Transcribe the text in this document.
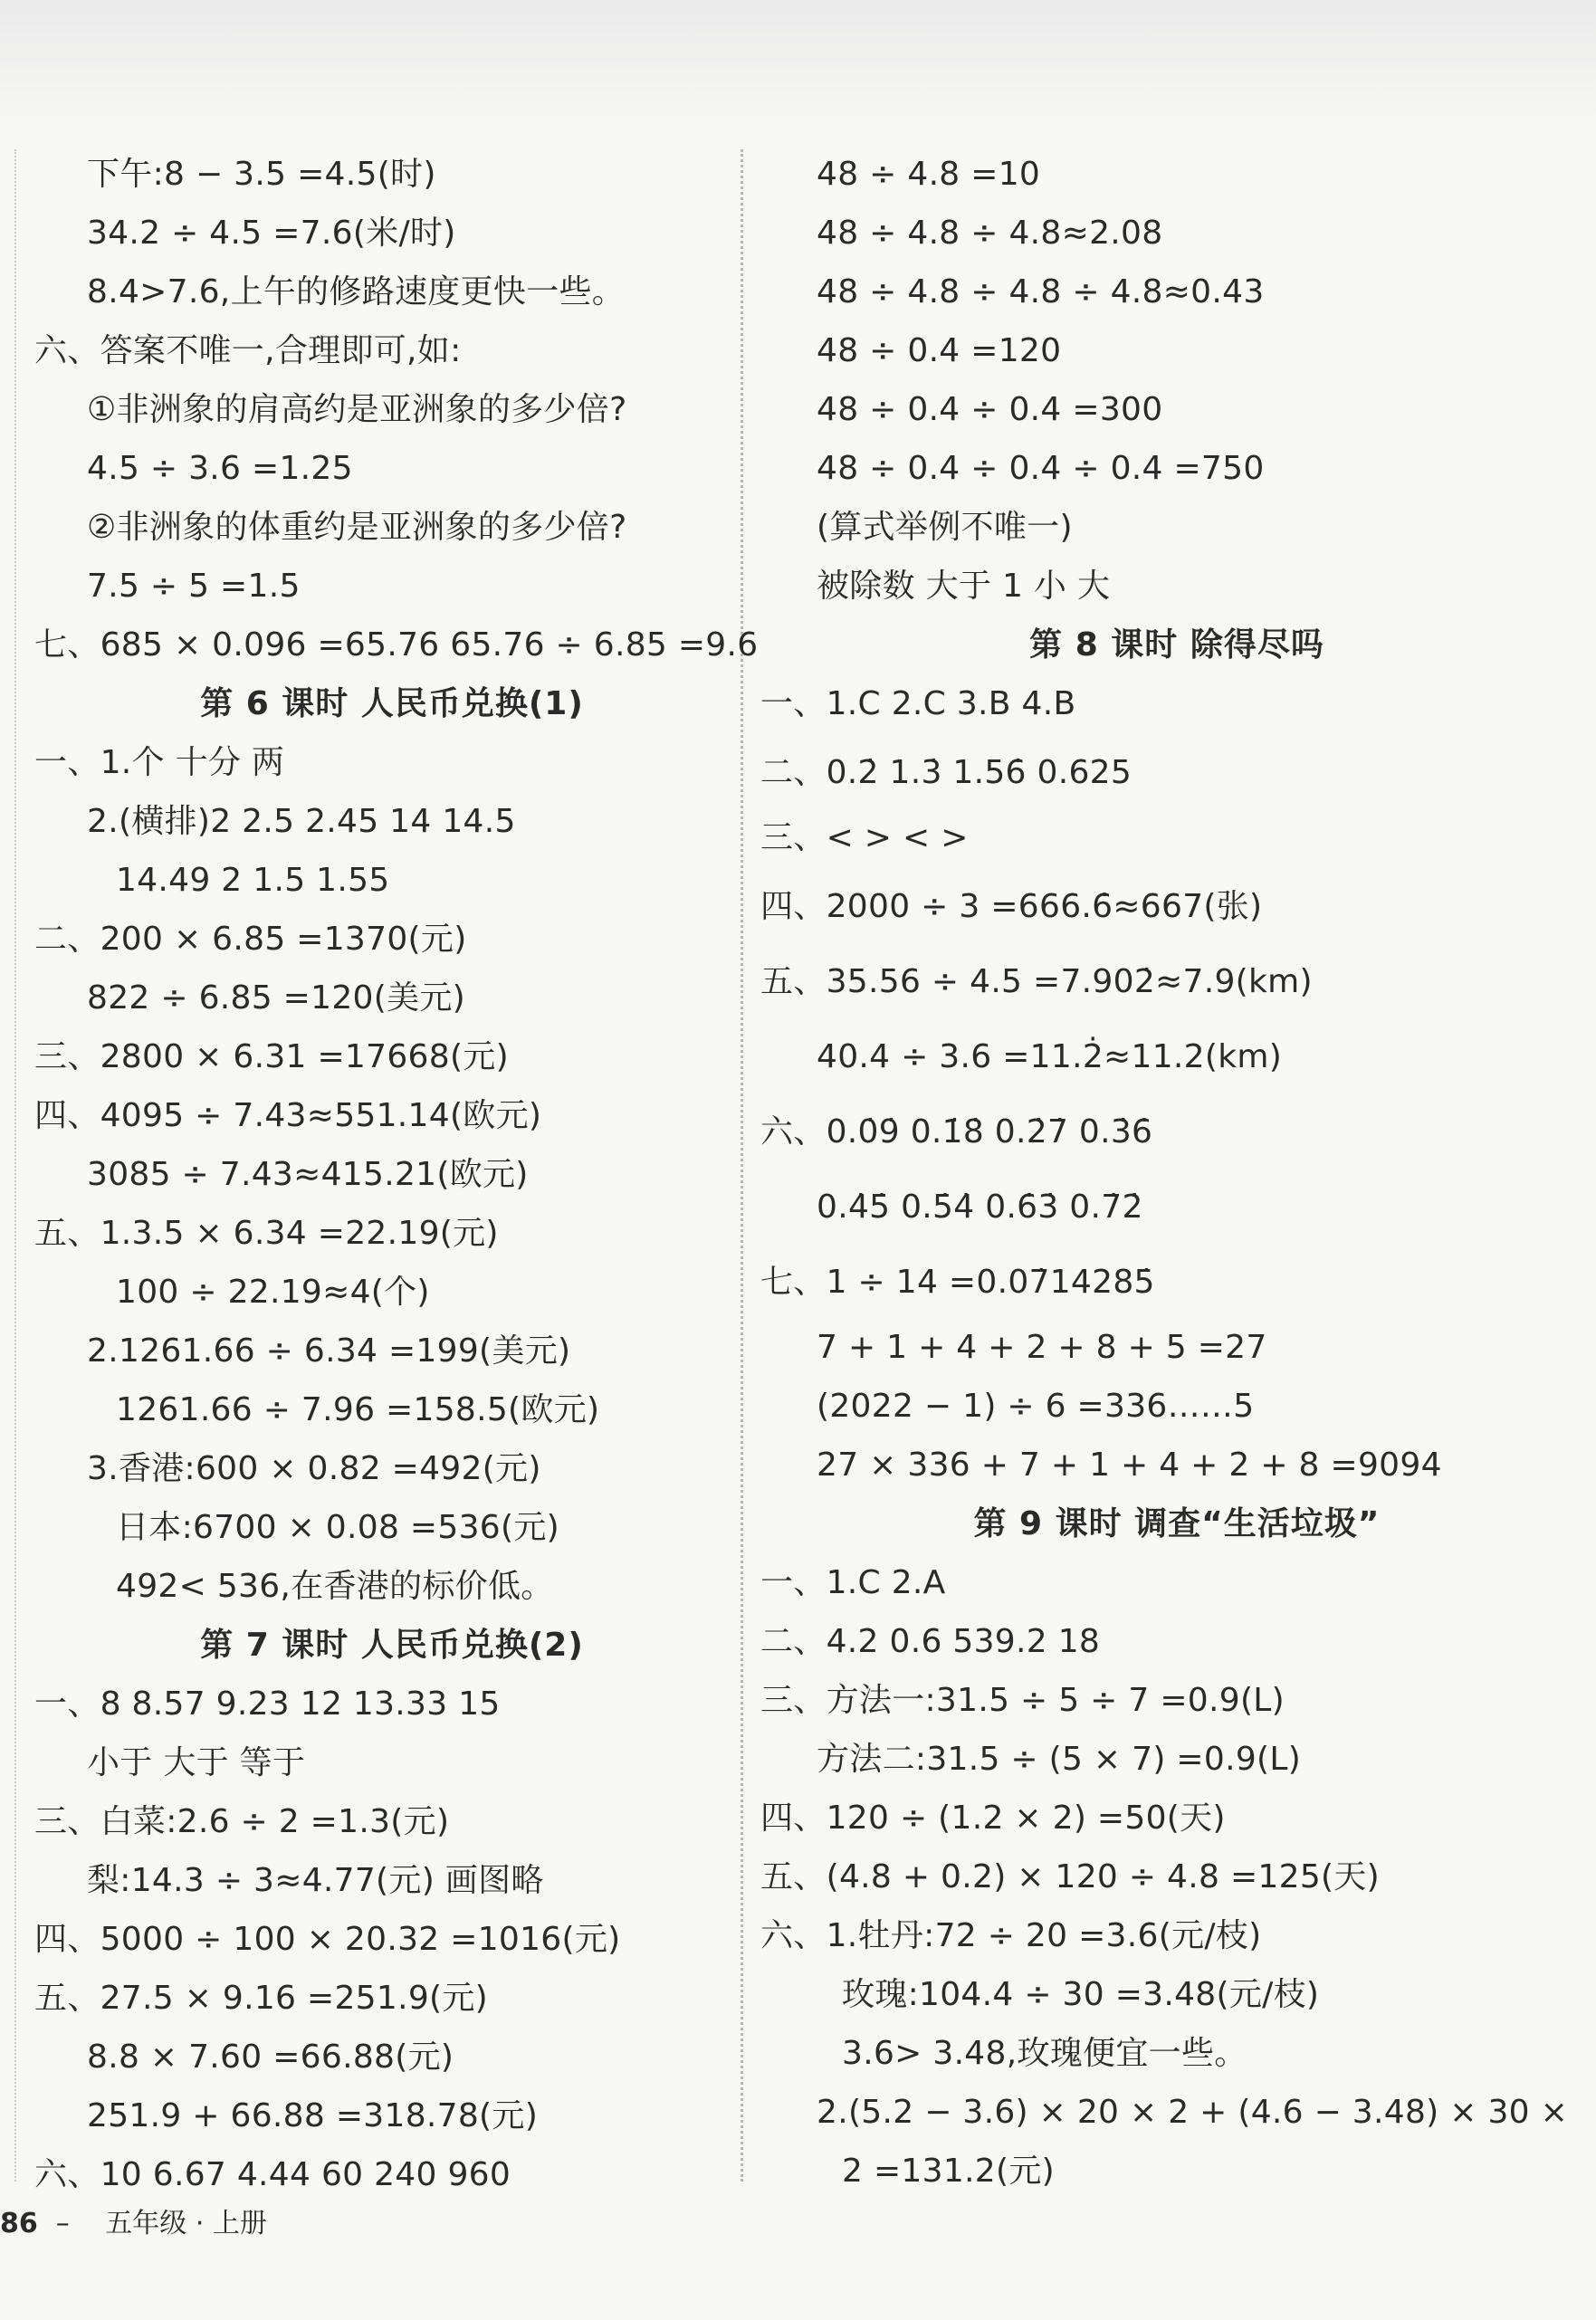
下午:8 − 3.5 =4.5(时)
34.2 ÷ 4.5 =7.6(米/时)
8.4>7.6,上午的修路速度更快一些。
六、答案不唯一,合理即可,如:
①非洲象的肩高约是亚洲象的多少倍?
4.5 ÷ 3.6 =1.25
②非洲象的体重约是亚洲象的多少倍?
7.5 ÷ 5 =1.5
七、685 × 0.096 =65.76 65.76 ÷ 6.85 =9.6
第 6 课时 人民币兑换(1)
一、1.个 十分 两
2.(横排)2 2.5 2.45 14 14.5
14.49 2 1.5 1.55
二、200 × 6.85 =1370(元)
822 ÷ 6.85 =120(美元)
三、2800 × 6.31 =17668(元)
四、4095 ÷ 7.43≈551.14(欧元)
3085 ÷ 7.43≈415.21(欧元)
五、1.3.5 × 6.34 =22.19(元)
100 ÷ 22.19≈4(个)
2.1261.66 ÷ 6.34 =199(美元)
1261.66 ÷ 7.96 =158.5(欧元)
3.香港:600 × 0.82 =492(元)
日本:6700 × 0.08 =536(元)
492< 536,在香港的标价低。
第 7 课时 人民币兑换(2)
一、8 8.57 9.23 12 13.33 15
小于 大于 等于
三、白菜:2.6 ÷ 2 =1.3(元)
梨:14.3 ÷ 3≈4.77(元) 画图略
四、5000 ÷ 100 × 20.32 =1016(元)
五、27.5 × 9.16 =251.9(元)
8.8 × 7.60 =66.88(元)
251.9 + 66.88 =318.78(元)
六、10 6.67 4.44 60 240 960
48 ÷ 4.8 =10
48 ÷ 4.8 ÷ 4.8≈2.08
48 ÷ 4.8 ÷ 4.8 ÷ 4.8≈0.43
48 ÷ 0.4 =120
48 ÷ 0.4 ÷ 0.4 =300
48 ÷ 0.4 ÷ 0.4 ÷ 0.4 =750
(算式举例不唯一)
被除数 大于 1 小 大
第 8 课时 除得尽吗
一、1.C 2.C 3.B 4.B
二、0.2̇ 1.3̇ 1.56̇ 0.625
三、< > < >
四、2000 ÷ 3 =666.6̇≈667(张)
五、35.56 ÷ 4.5 =7.902̇≈7.9(km)
40.4 ÷ 3.6 =11.2̇≈11.2(km)
六、0.0̇9̇ 0.1̇8̇ 0.2̇7̇ 0.3̇6̇
0.4̇5̇ 0.5̇4̇ 0.6̇3̇ 0.7̇2̇
七、1 ÷ 14 =0.07̇14285̇
7 + 1 + 4 + 2 + 8 + 5 =27
(2022 − 1) ÷ 6 =336……5
27 × 336 + 7 + 1 + 4 + 2 + 8 =9094
第 9 课时 调查“生活垃圾”
一、1.C 2.A
二、4.2 0.6 539.2 18
三、方法一:31.5 ÷ 5 ÷ 7 =0.9(L)
方法二:31.5 ÷ (5 × 7) =0.9(L)
四、120 ÷ (1.2 × 2) =50(天)
五、(4.8 + 0.2) × 120 ÷ 4.8 =125(天)
六、1.牡丹:72 ÷ 20 =3.6(元/枝)
玫瑰:104.4 ÷ 30 =3.48(元/枝)
3.6> 3.48,玫瑰便宜一些。
2.(5.2 − 3.6) × 20 × 2 + (4.6 − 3.48) × 30 ×
2 =131.2(元)
86 – 五年级 · 上册
